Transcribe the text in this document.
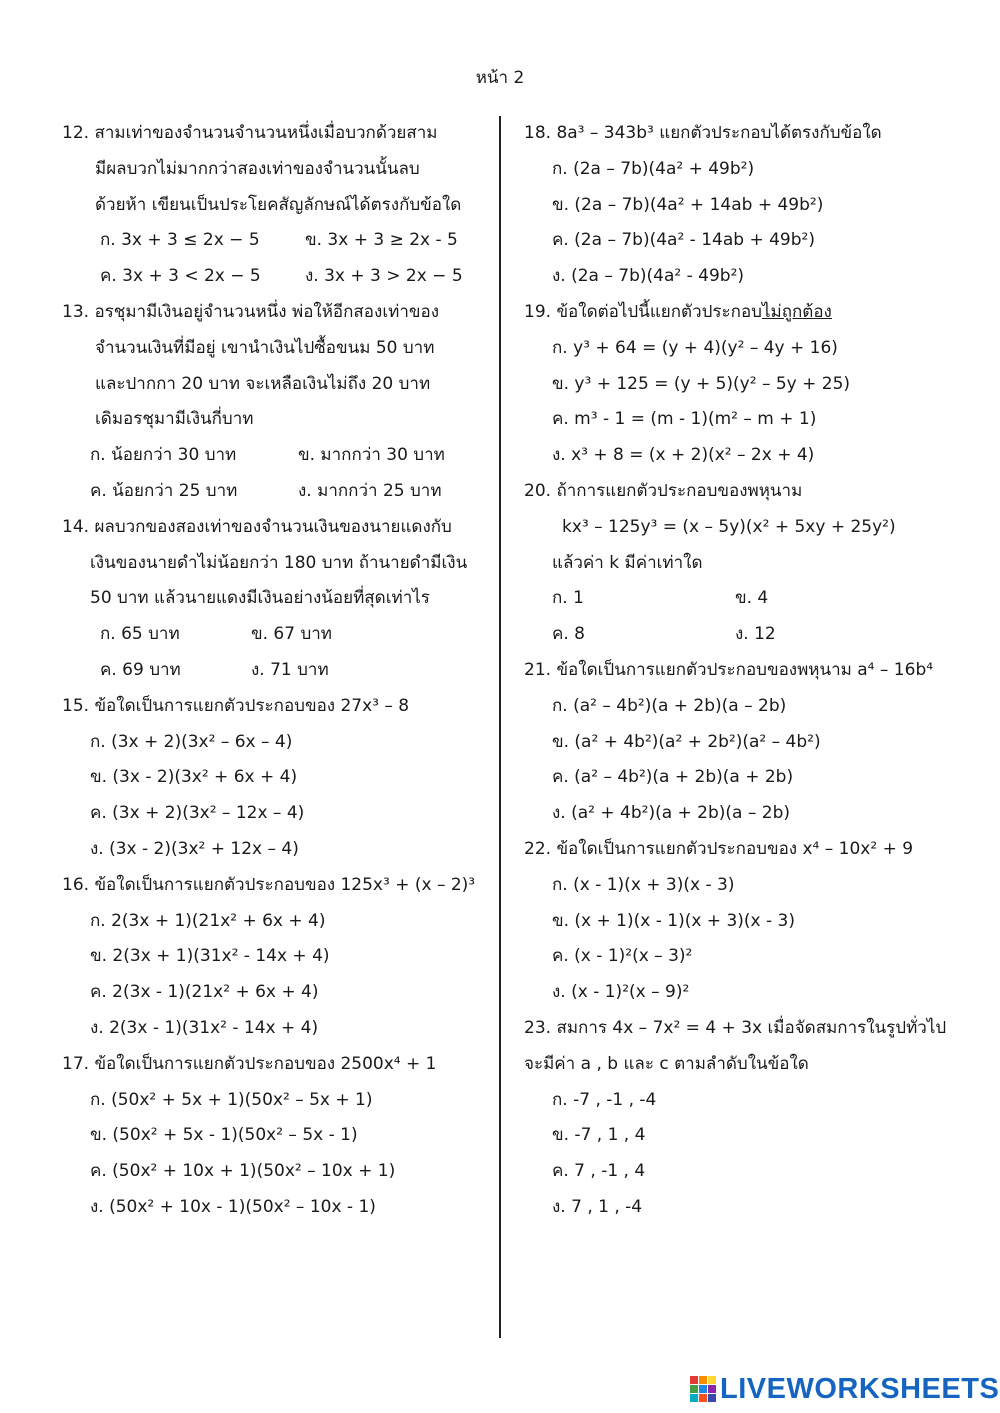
หน้า 2
12. สามเท่าของจำนวนจำนวนหนึ่งเมื่อบวกด้วยสาม
มีผลบวกไม่มากกว่าสองเท่าของจำนวนนั้นลบ
ด้วยห้า เขียนเป็นประโยคสัญลักษณ์ได้ตรงกับข้อใด
ก. 3x + 3 ≤ 2x − 5	ข. 3x + 3 ≥ 2x - 5
ค. 3x + 3 < 2x − 5	ง. 3x + 3 > 2x − 5
13. อรชุมามีเงินอยู่จำนวนหนึ่ง พ่อให้อีกสองเท่าของ
จำนวนเงินที่มีอยู่ เขานำเงินไปซื้อขนม 50 บาท
และปากกา 20 บาท จะเหลือเงินไม่ถึง 20 บาท
เดิมอรชุมามีเงินกี่บาท
ก. น้อยกว่า 30 บาท	ข. มากกว่า 30 บาท
ค. น้อยกว่า 25 บาท	ง. มากกว่า 25 บาท
14. ผลบวกของสองเท่าของจำนวนเงินของนายแดงกับ
เงินของนายดำไม่น้อยกว่า 180 บาท ถ้านายดำมีเงิน
50 บาท แล้วนายแดงมีเงินอย่างน้อยที่สุดเท่าไร
ก. 65 บาท	ข. 67 บาท
ค. 69 บาท	ง. 71 บาท
15. ข้อใดเป็นการแยกตัวประกอบของ 27x³ – 8
ก. (3x + 2)(3x² – 6x – 4)
ข. (3x - 2)(3x² + 6x + 4)
ค. (3x + 2)(3x² – 12x – 4)
ง. (3x - 2)(3x² + 12x – 4)
16. ข้อใดเป็นการแยกตัวประกอบของ 125x³ + (x – 2)³
ก. 2(3x + 1)(21x² + 6x + 4)
ข. 2(3x + 1)(31x² - 14x + 4)
ค. 2(3x - 1)(21x² + 6x + 4)
ง. 2(3x - 1)(31x² - 14x + 4)
17. ข้อใดเป็นการแยกตัวประกอบของ 2500x⁴ + 1
ก. (50x² + 5x + 1)(50x² – 5x + 1)
ข. (50x² + 5x - 1)(50x² – 5x - 1)
ค. (50x² + 10x + 1)(50x² – 10x + 1)
ง. (50x² + 10x - 1)(50x² – 10x - 1)
18. 8a³ – 343b³ แยกตัวประกอบได้ตรงกับข้อใด
ก. (2a – 7b)(4a² + 49b²)
ข. (2a – 7b)(4a² + 14ab + 49b²)
ค. (2a – 7b)(4a² - 14ab + 49b²)
ง. (2a – 7b)(4a² - 49b²)
19. ข้อใดต่อไปนี้แยกตัวประกอบไม่ถูกต้อง
ก. y³ + 64 = (y + 4)(y² – 4y + 16)
ข. y³ + 125 = (y + 5)(y² – 5y + 25)
ค. m³ - 1 = (m - 1)(m² – m + 1)
ง. x³ + 8 = (x + 2)(x² – 2x + 4)
20. ถ้าการแยกตัวประกอบของพหุนาม
kx³ – 125y³ = (x – 5y)(x² + 5xy + 25y²)
แล้วค่า k มีค่าเท่าใด
ก. 1	ข. 4
ค. 8	ง. 12
21. ข้อใดเป็นการแยกตัวประกอบของพหุนาม a⁴ – 16b⁴
ก. (a² – 4b²)(a + 2b)(a – 2b)
ข. (a² + 4b²)(a² + 2b²)(a² – 4b²)
ค. (a² – 4b²)(a + 2b)(a + 2b)
ง. (a² + 4b²)(a + 2b)(a – 2b)
22. ข้อใดเป็นการแยกตัวประกอบของ x⁴ – 10x² + 9
ก. (x - 1)(x + 3)(x - 3)
ข. (x + 1)(x - 1)(x + 3)(x - 3)
ค. (x - 1)²(x – 3)²
ง. (x - 1)²(x – 9)²
23. สมการ 4x – 7x² = 4 + 3x เมื่อจัดสมการในรูปทั่วไป
จะมีค่า a , b และ c ตามลำดับในข้อใด
ก. -7 , -1 , -4
ข. -7 , 1 , 4
ค. 7 , -1 , 4
ง. 7 , 1 , -4
LIVEWORKSHEETS
